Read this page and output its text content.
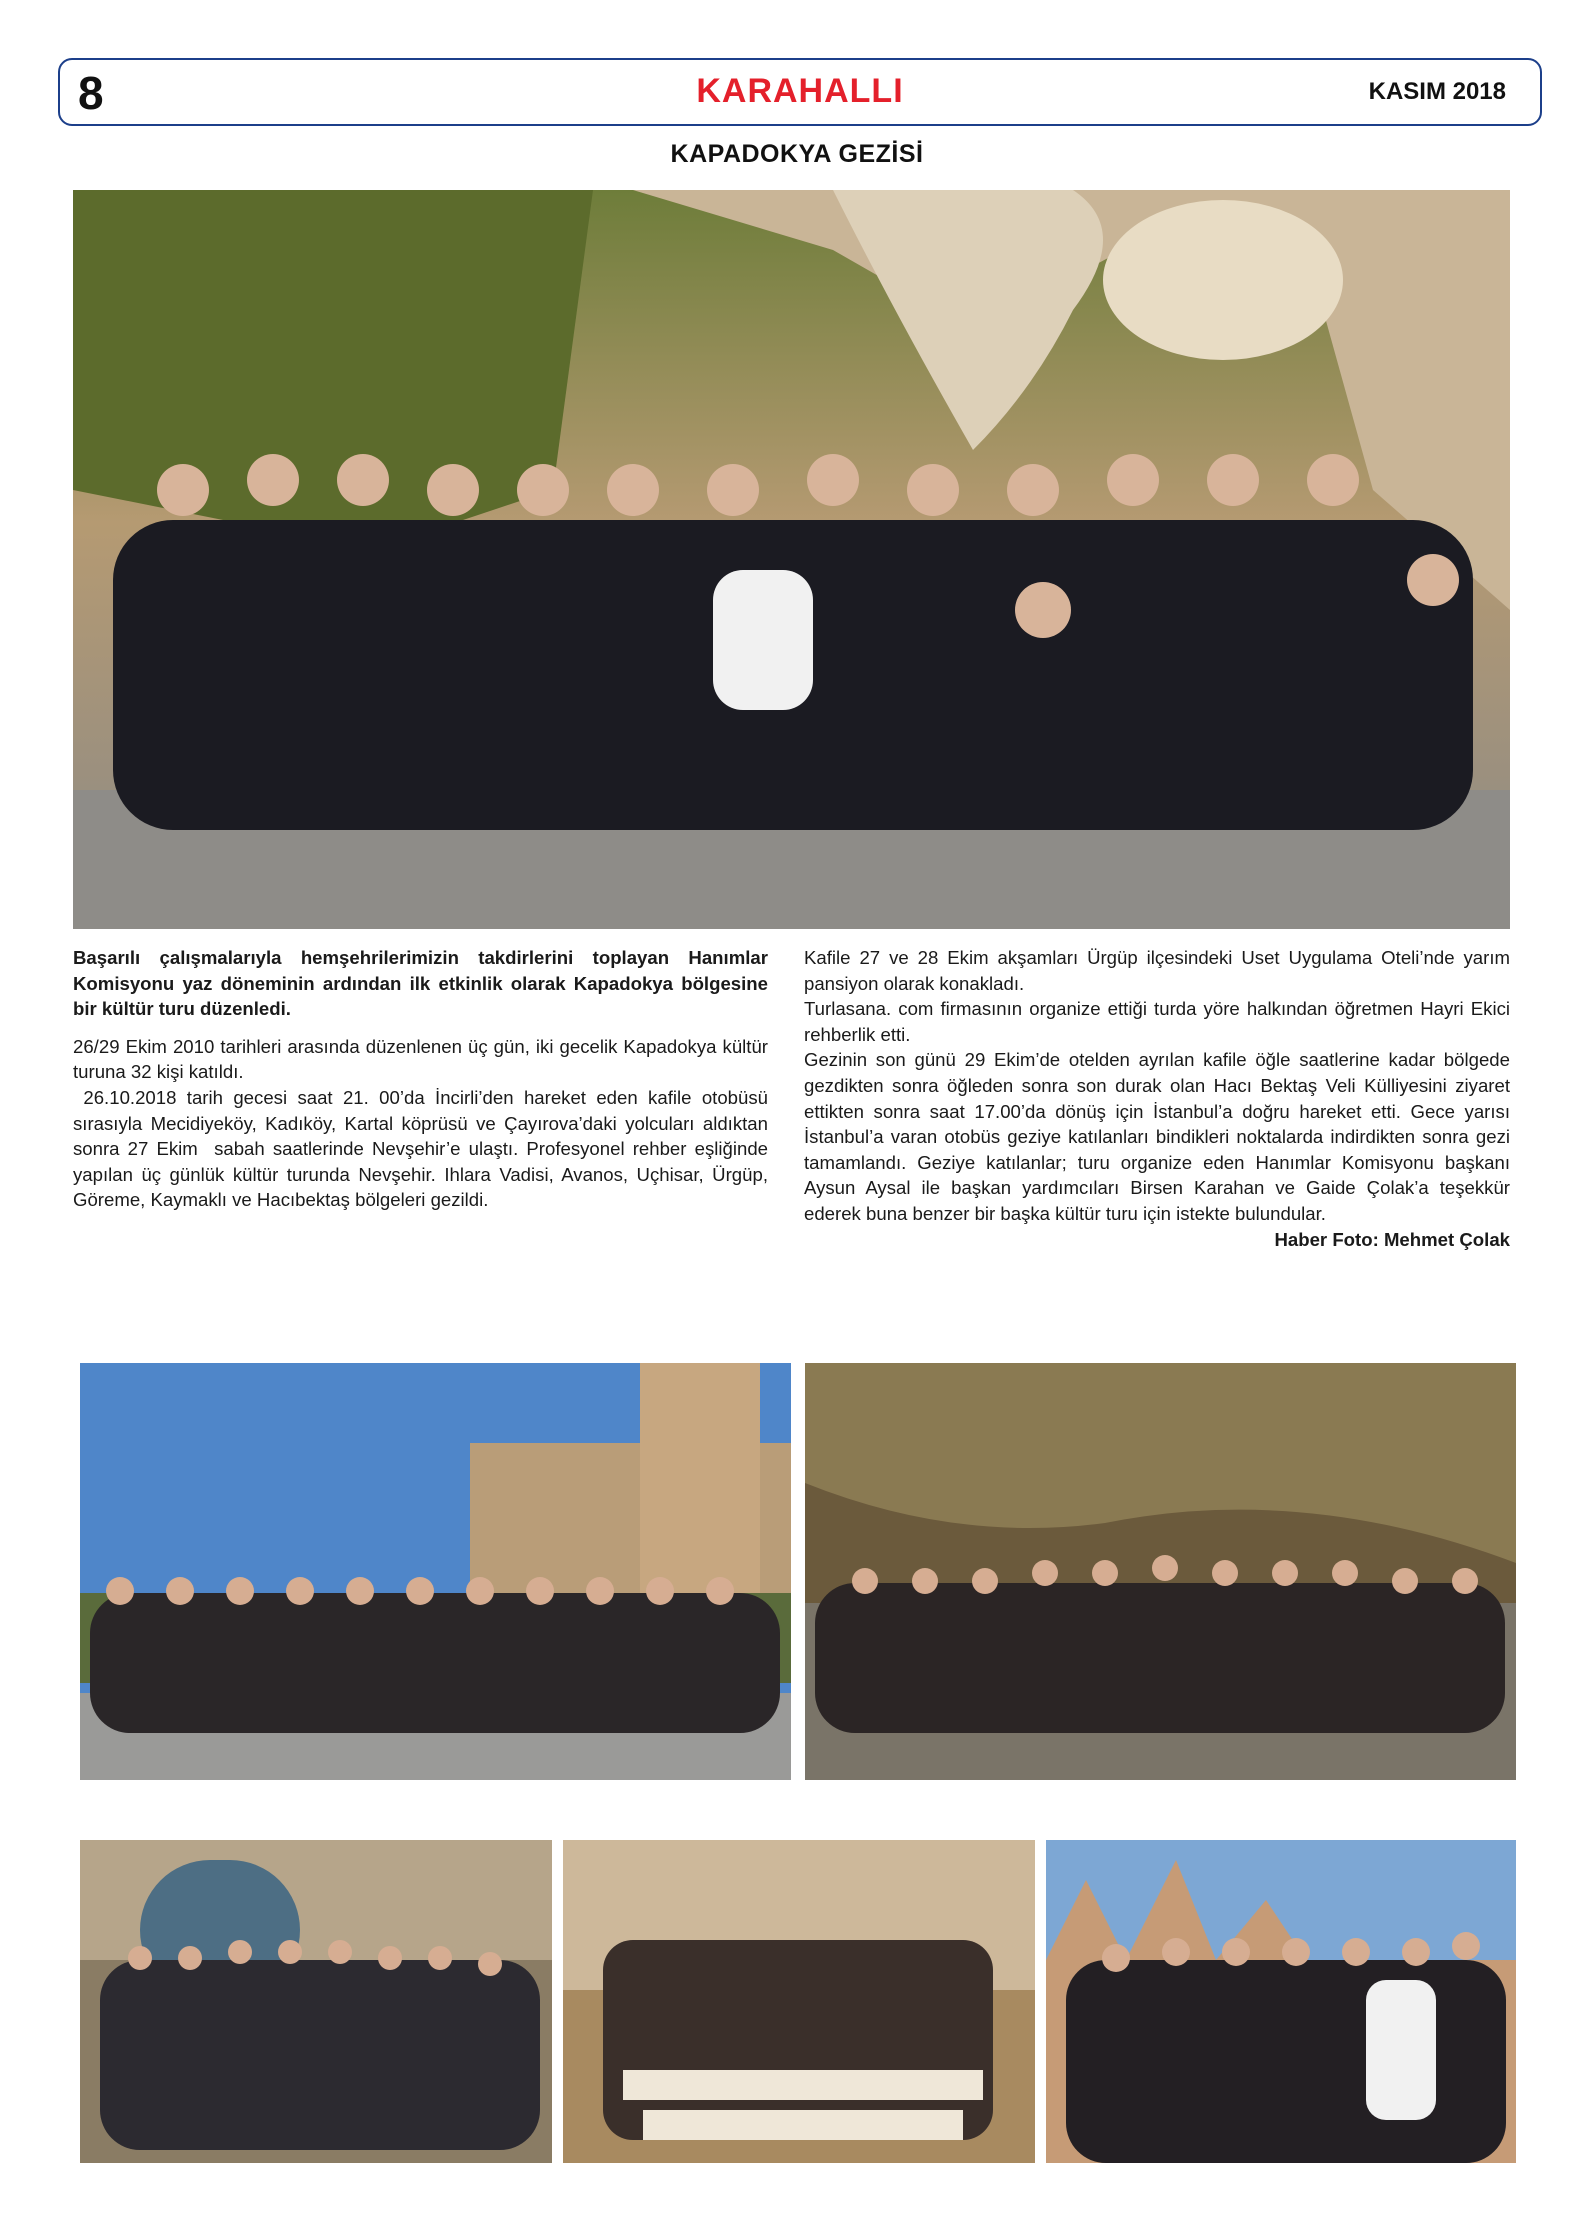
8	KARAHALLI	KASIM 2018
KAPADOKYA GEZİSİ

Başarılı çalışmalarıyla hemşehrilerimizin takdirlerini toplayan Hanımlar Komisyonu yaz döneminin ardından ilk etkinlik olarak Kapadokya bölgesine bir kültür turu düzenledi.

26/29 Ekim 2010 tarihleri arasında düzenlenen üç gün, iki gecelik Kapadokya kültür turuna 32 kişi katıldı.

26.10.2018 tarih gecesi saat 21. 00’da İncirli’den hareket eden kafile otobüsü sırasıyla Mecidiyeköy, Kadıköy, Kartal köprüsü ve Çayırova’daki yolcuları aldıktan sonra 27 Ekim  sabah saatlerinde Nevşehir’e ulaştı. Profesyonel rehber eşliğinde yapılan üç günlük kültür turunda Nevşehir. Ihlara Vadisi, Avanos, Uçhisar, Ürgüp, Göreme, Kaymaklı ve Hacıbektaş bölgeleri gezildi.

Kafile 27 ve 28 Ekim akşamları Ürgüp ilçesindeki Uset Uygulama Oteli’nde yarım pansiyon olarak konakladı.

Turlasana. com firmasının organize ettiği turda yöre halkından öğretmen Hayri Ekici rehberlik etti.

Gezinin son günü 29 Ekim’de otelden ayrılan kafile öğle saatlerine kadar bölgede gezdikten sonra öğleden sonra son durak olan Hacı Bektaş Veli Külliyesini ziyaret ettikten sonra saat 17.00’da dönüş için İstanbul’a doğru hareket etti. Gece yarısı İstanbul’a varan otobüs geziye katılanları bindikleri noktalarda indirdikten sonra gezi tamamlandı. Geziye katılanlar; turu organize eden Hanımlar Komisyonu başkanı Aysun Aysal ile başkan yardımcıları Birsen Karahan ve Gaide Çolak’a teşekkür ederek buna benzer bir başka kültür turu için istekte bulundular.

Haber Foto: Mehmet Çolak
